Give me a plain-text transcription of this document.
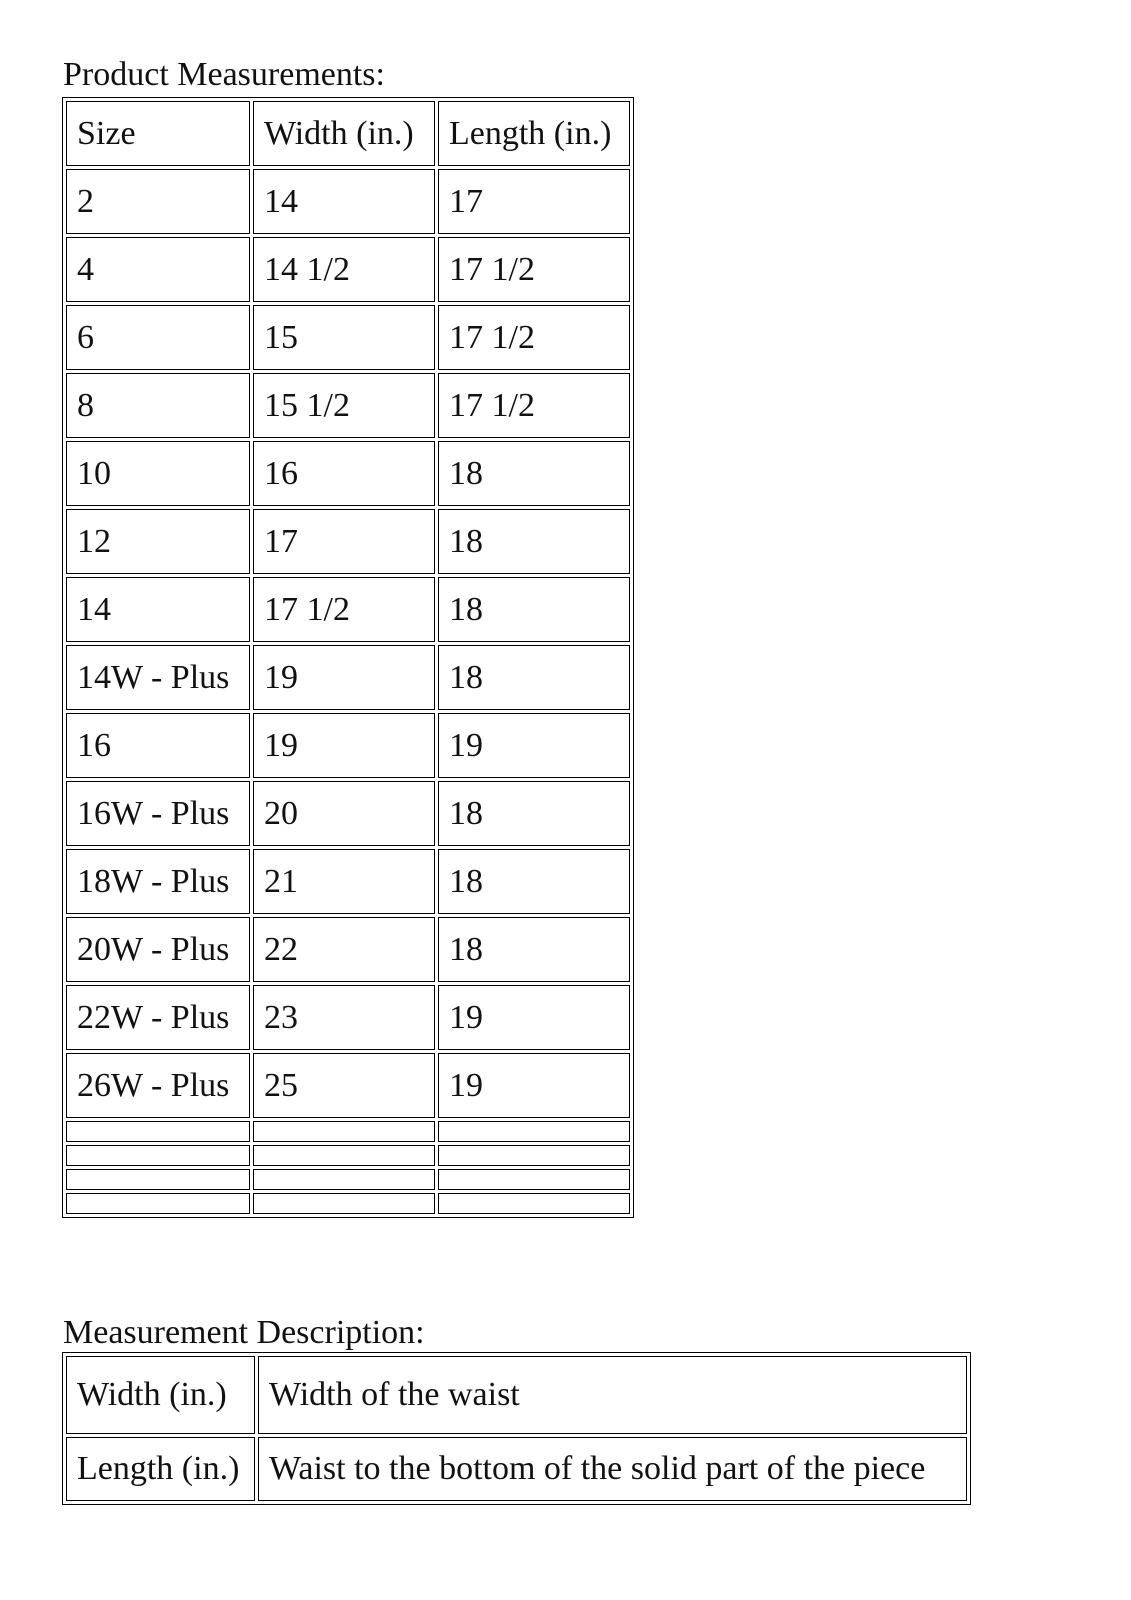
Product Measurements:
Size	Width (in.)	Length (in.)
2	14	17
4	14 1/2	17 1/2
6	15	17 1/2
8	15 1/2	17 1/2
10	16	18
12	17	18
14	17 1/2	18
14W - Plus	19	18
16	19	19
16W - Plus	20	18
18W - Plus	21	18
20W - Plus	22	18
22W - Plus	23	19
26W - Plus	25	19

Measurement Description:
Width (in.)	Width of the waist
Length (in.)	Waist to the bottom of the solid part of the piece
